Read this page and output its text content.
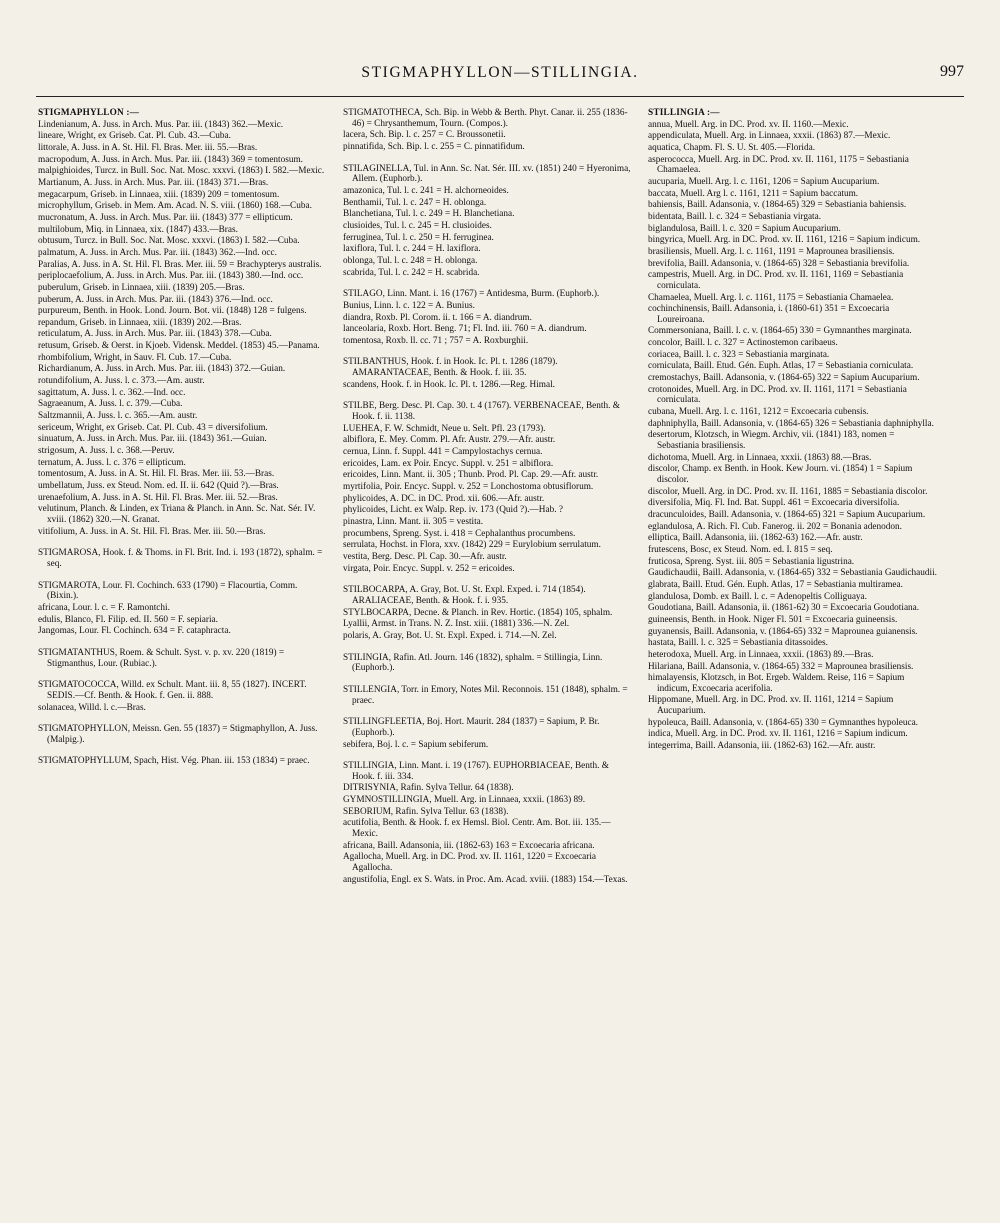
STIGMAPHYLLON—STILLINGIA.	997
STIGMAPHYLLON :—
Lindenianum, A. Juss. in Arch. Mus. Par. iii. (1843) 362.—Mexic.
lineare, Wright, ex Griseb. Cat. Pl. Cub. 43.—Cuba.
littorale, A. Juss. in A. St. Hil. Fl. Bras. Mer. iii. 55.—Bras.
macropodum, A. Juss. in Arch. Mus. Par. iii. (1843) 369 = tomentosum.
malpighioides, Turcz. in Bull. Soc. Nat. Mosc. xxxvi. (1863) I. 582.—Mexic.
Martianum, A. Juss. in Arch. Mus. Par. iii. (1843) 371.—Bras.
megacarpum, Griseb. in Linnaea, xiii. (1839) 209 = tomentosum.
microphyllum, Griseb. in Mem. Am. Acad. N. S. viii. (1860) 168.—Cuba.
mucronatum, A. Juss. in Arch. Mus. Par. iii. (1843) 377 = ellipticum.
multilobum, Miq. in Linnaea, xix. (1847) 433.—Bras.
obtusum, Turcz. in Bull. Soc. Nat. Mosc. xxxvi. (1863) I. 582.—Cuba.
palmatum, A. Juss. in Arch. Mus. Par. iii. (1843) 362.—Ind. occ.
Paralias, A. Juss. in A. St. Hil. Fl. Bras. Mer. iii. 59 = Brachypterys australis.
periplocaefolium, A. Juss. in Arch. Mus. Par. iii. (1843) 380.—Ind. occ.
puberulum, Griseb. in Linnaea, xiii. (1839) 205.—Bras.
puberum, A. Juss. in Arch. Mus. Par. iii. (1843) 376.—Ind. occ.
purpureum, Benth. in Hook. Lond. Journ. Bot. vii. (1848) 128 = fulgens.
repandum, Griseb. in Linnaea, xiii. (1839) 202.—Bras.
reticulatum, A. Juss. in Arch. Mus. Par. iii. (1843) 378.—Cuba.
retusum, Griseb. & Oerst. in Kjoeb. Vidensk. Meddel. (1853) 45.—Panama.
rhombifolium, Wright, in Sauv. Fl. Cub. 17.—Cuba.
Richardianum, A. Juss. in Arch. Mus. Par. iii. (1843) 372.—Guian.
rotundifolium, A. Juss. l. c. 373.—Am. austr.
sagittatum, A. Juss. l. c. 362.—Ind. occ.
Sagraeanum, A. Juss. l. c. 379.—Cuba.
Saltzmannii, A. Juss. l. c. 365.—Am. austr.
sericeum, Wright, ex Griseb. Cat. Pl. Cub. 43 = diversifolium.
sinuatum, A. Juss. in Arch. Mus. Par. iii. (1843) 361.—Guian.
strigosum, A. Juss. l. c. 368.—Peruv.
ternatum, A. Juss. l. c. 376 = ellipticum.
tomentosum, A. Juss. in A. St. Hil. Fl. Bras. Mer. iii. 53.—Bras.
umbellatum, Juss. ex Steud. Nom. ed. II. ii. 642 (Quid ?).—Bras.
urenaefolium, A. Juss. in A. St. Hil. Fl. Bras. Mer. iii. 52.—Bras.
velutinum, Planch. & Linden, ex Triana & Planch. in Ann. Sc. Nat. Sér. IV. xviii. (1862) 320.—N. Granat.
vitifolium, A. Juss. in A. St. Hil. Fl. Bras. Mer. iii. 50.—Bras.
STIGMAROSA, Hook. f. & Thoms. in Fl. Brit. Ind. i. 193 (1872), sphalm. = seq.
STIGMAROTA, Lour. Fl. Cochinch. 633 (1790) = Flacourtia, Comm. (Bixin.).
africana, Lour. l. c. = F. Ramontchi.
edulis, Blanco, Fl. Filip. ed. II. 560 = F. sepiaria.
Jangomas, Lour. Fl. Cochinch. 634 = F. cataphracta.
STIGMATANTHUS, Roem. & Schult. Syst. v. p. xv. 220 (1819) = Stigmanthus, Lour. (Rubiac.).
STIGMATOCOCCA, Willd. ex Schult. Mant. iii. 8, 55 (1827). INCERT. SEDIS.—Cf. Benth. & Hook. f. Gen. ii. 888.
solanacea, Willd. l. c.—Bras.
STIGMATOPHYLLON, Meissn. Gen. 55 (1837) = Stigmaphyllon, A. Juss. (Malpig.).
STIGMATOPHYLLUM, Spach, Hist. Vég. Phan. iii. 153 (1834) = praec.
STIGMATOTHECA, Sch. Bip. in Webb & Berth. Phyt. Canar. ii. 255 (1836-46) = Chrysanthemum, Tourn. (Compos.).
lacera, Sch. Bip. l. c. 257 = C. Broussonetii.
pinnatifida, Sch. Bip. l. c. 255 = C. pinnatifidum.
STILAGINELLA, Tul. in Ann. Sc. Nat. Sér. III. xv. (1851) 240 = Hyeronima, Allem. (Euphorb.).
amazonica, Tul. l. c. 241 = H. alchorneoides.
Benthamii, Tul. l. c. 247 = H. oblonga.
Blanchetiana, Tul. l. c. 249 = H. Blanchetiana.
clusioides, Tul. l. c. 245 = H. clusioides.
ferruginea, Tul. l. c. 250 = H. ferruginea.
laxiflora, Tul. l. c. 244 = H. laxiflora.
oblonga, Tul. l. c. 248 = H. oblonga.
scabrida, Tul. l. c. 242 = H. scabrida.
STILAGO, Linn. Mant. i. 16 (1767) = Antidesma, Burm. (Euphorb.).
Bunius, Linn. l. c. 122 = A. Bunius.
diandra, Roxb. Pl. Corom. ii. t. 166 = A. diandrum.
lanceolaria, Roxb. Hort. Beng. 71; Fl. Ind. iii. 760 = A. diandrum.
tomentosa, Roxb. ll. cc. 71 ; 757 = A. Roxburghii.
STILBANTHUS, Hook. f. in Hook. Ic. Pl. t. 1286 (1879). AMARANTACEAE, Benth. & Hook. f. iii. 35.
scandens, Hook. f. in Hook. Ic. Pl. t. 1286.—Reg. Himal.
STILBE, Berg. Desc. Pl. Cap. 30. t. 4 (1767). VERBENACEAE, Benth. & Hook. f. ii. 1138.
LUEHEA, F. W. Schmidt, Neue u. Selt. Pfl. 23 (1793).
albiflora, E. Mey. Comm. Pl. Afr. Austr. 279.—Afr. austr.
cernua, Linn. f. Suppl. 441 = Campylostachys cernua.
ericoides, Lam. ex Poir. Encyc. Suppl. v. 251 = albiflora.
ericoides, Linn. Mant. ii. 305 ; Thunb. Prod. Pl. Cap. 29.—Afr. austr.
myrtifolia, Poir. Encyc. Suppl. v. 252 = Lonchostoma obtusiflorum.
phylicoides, A. DC. in DC. Prod. xii. 606.—Afr. austr.
phylicoides, Licht. ex Walp. Rep. iv. 173 (Quid ?).—Hab. ?
pinastra, Linn. Mant. ii. 305 = vestita.
procumbens, Spreng. Syst. i. 418 = Cephalanthus procumbens.
serrulata, Hochst. in Flora, xxv. (1842) 229 = Eurylobium serrulatum.
vestita, Berg. Desc. Pl. Cap. 30.—Afr. austr.
virgata, Poir. Encyc. Suppl. v. 252 = ericoides.
STILBOCARPA, A. Gray, Bot. U. St. Expl. Exped. i. 714 (1854). ARALIACEAE, Benth. & Hook. f. i. 935.
STYLBOCARPA, Decne. & Planch. in Rev. Hortic. (1854) 105, sphalm.
Lyallii, Armst. in Trans. N. Z. Inst. xiii. (1881) 336.—N. Zel.
polaris, A. Gray, Bot. U. St. Expl. Exped. i. 714.—N. Zel.
STILINGIA, Rafin. Atl. Journ. 146 (1832), sphalm. = Stillingia, Linn. (Euphorb.).
STILLENGIA, Torr. in Emory, Notes Mil. Reconnois. 151 (1848), sphalm. = praec.
STILLINGFLEETIA, Boj. Hort. Maurit. 284 (1837) = Sapium, P. Br. (Euphorb.).
sebifera, Boj. l. c. = Sapium sebiferum.
STILLINGIA, Linn. Mant. i. 19 (1767). EUPHORBIACEAE, Benth. & Hook. f. iii. 334.
DITRISYNIA, Rafin. Sylva Tellur. 64 (1838).
GYMNOSTILLINGIA, Muell. Arg. in Linnaea, xxxii. (1863) 89.
SEBORIUM, Rafin. Sylva Tellur. 63 (1838).
acutifolia, Benth. & Hook. f. ex Hemsl. Biol. Centr. Am. Bot. iii. 135.—Mexic.
africana, Baill. Adansonia, iii. (1862-63) 163 = Excoecaria africana.
Agallocha, Muell. Arg. in DC. Prod. xv. II. 1161, 1220 = Excoecaria Agallocha.
angustifolia, Engl. ex S. Wats. in Proc. Am. Acad. xviii. (1883) 154.—Texas.
STILLINGIA :—
annua, Muell. Arg. in DC. Prod. xv. II. 1160.—Mexic.
appendiculata, Muell. Arg. in Linnaea, xxxii. (1863) 87.—Mexic.
aquatica, Chapm. Fl. S. U. St. 405.—Florida.
asperococca, Muell. Arg. in DC. Prod. xv. II. 1161, 1175 = Sebastiania Chamaelea.
aucuparia, Muell. Arg. l. c. 1161, 1206 = Sapium Aucuparium.
baccata, Muell. Arg l. c. 1161, 1211 = Sapium baccatum.
bahiensis, Baill. Adansonia, v. (1864-65) 329 = Sebastiania bahiensis.
bidentata, Baill. l. c. 324 = Sebastiania virgata.
biglandulosa, Baill. l. c. 320 = Sapium Aucuparium.
bingyrica, Muell. Arg. in DC. Prod. xv. II. 1161, 1216 = Sapium indicum.
brasiliensis, Muell. Arg. l. c. 1161, 1191 = Maprounea brasiliensis.
brevifolia, Baill. Adansonia, v. (1864-65) 328 = Sebastiania brevifolia.
campestris, Muell. Arg. in DC. Prod. xv. II. 1161, 1169 = Sebastiania corniculata.
Chamaelea, Muell. Arg. l. c. 1161, 1175 = Sebastiania Chamaelea.
cochinchinensis, Baill. Adansonia, i. (1860-61) 351 = Excoecaria Loureiroana.
Commersoniana, Baill. l. c. v. (1864-65) 330 = Gymnanthes marginata.
concolor, Baill. l. c. 327 = Actinostemon caribaeus.
coriacea, Baill. l. c. 323 = Sebastiania marginata.
corniculata, Baill. Etud. Gén. Euph. Atlas, 17 = Sebastiania corniculata.
cremostachys, Baill. Adansonia, v. (1864-65) 322 = Sapium Aucuparium.
crotonoides, Muell. Arg. in DC. Prod. xv. II. 1161, 1171 = Sebastiania corniculata.
cubana, Muell. Arg. l. c. 1161, 1212 = Excoecaria cubensis.
daphniphylla, Baill. Adansonia, v. (1864-65) 326 = Sebastiania daphniphylla.
desertorum, Klotzsch, in Wiegm. Archiv, vii. (1841) 183, nomen = Sebastiania brasiliensis.
dichotoma, Muell. Arg. in Linnaea, xxxii. (1863) 88.—Bras.
discolor, Champ. ex Benth. in Hook. Kew Journ. vi. (1854) 1 = Sapium discolor.
discolor, Muell. Arg. in DC. Prod. xv. II. 1161, 1885 = Sebastiania discolor.
diversifolia, Miq. Fl. Ind. Bat. Suppl. 461 = Excoecaria diversifolia.
dracunculoides, Baill. Adansonia, v. (1864-65) 321 = Sapium Aucuparium.
eglandulosa, A. Rich. Fl. Cub. Fanerog. ii. 202 = Bonania adenodon.
elliptica, Baill. Adansonia, iii. (1862-63) 162.—Afr. austr.
frutescens, Bosc, ex Steud. Nom. ed. I. 815 = seq.
fruticosa, Spreng. Syst. iii. 805 = Sebastiania ligustrina.
Gaudichaudii, Baill. Adansonia, v. (1864-65) 332 = Sebastiania Gaudichaudii.
glabrata, Baill. Etud. Gén. Euph. Atlas, 17 = Sebastiania multiramea.
glandulosa, Domb. ex Baill. l. c. = Adenopeltis Colliguaya.
Goudotiana, Baill. Adansonia, ii. (1861-62) 30 = Excoecaria Goudotiana.
guineensis, Benth. in Hook. Niger Fl. 501 = Excoecaria guineensis.
guyanensis, Baill. Adansonia, v. (1864-65) 332 = Maprounea guianensis.
hastata, Baill. l. c. 325 = Sebastiania ditassoides.
heterodoxa, Muell. Arg. in Linnaea, xxxii. (1863) 89.—Bras.
Hilariana, Baill. Adansonia, v. (1864-65) 332 = Maprounea brasiliensis.
himalayensis, Klotzsch, in Bot. Ergeb. Waldem. Reise, 116 = Sapium indicum, Excoecaria acerifolia.
Hippomane, Muell. Arg. in DC. Prod. xv. II. 1161, 1214 = Sapium Aucuparium.
hypoleuca, Baill. Adansonia, v. (1864-65) 330 = Gymnanthes hypoleuca.
indica, Muell. Arg. in DC. Prod. xv. II. 1161, 1216 = Sapium indicum.
integerrima, Baill. Adansonia, iii. (1862-63) 162.—Afr. austr.
